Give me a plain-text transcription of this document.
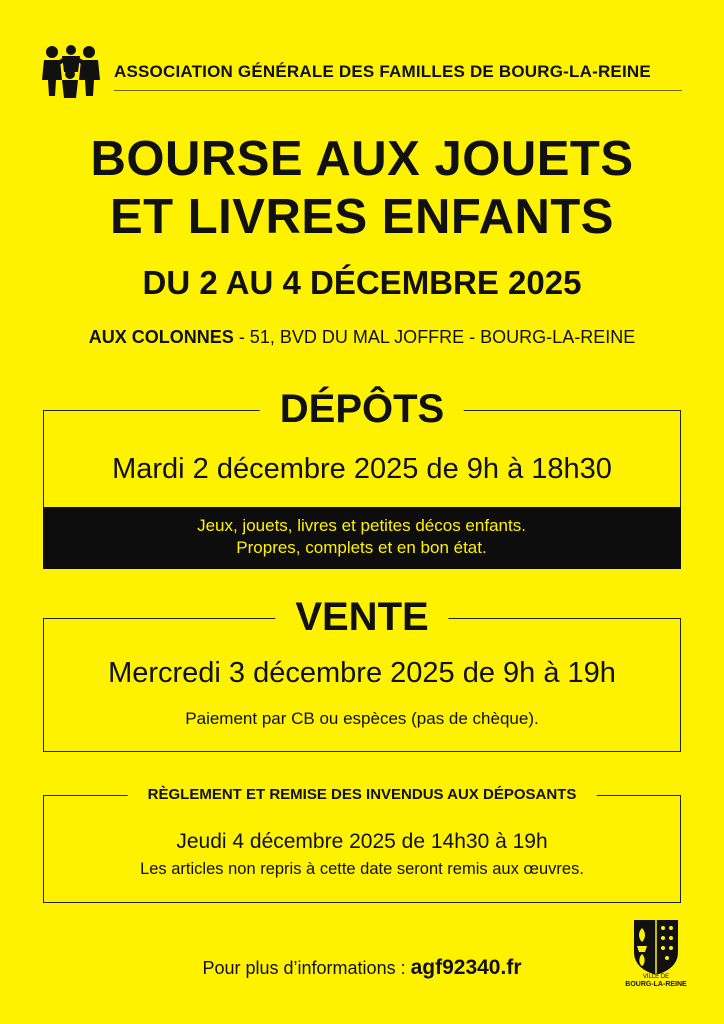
ASSOCIATION GÉNÉRALE DES FAMILLES DE BOURG-LA-REINE
BOURSE AUX JOUETS
ET LIVRES ENFANTS
DU 2 AU 4 DÉCEMBRE 2025
AUX COLONNES - 51, BVD DU MAL JOFFRE - BOURG-LA-REINE
DÉPÔTS
Mardi 2 décembre 2025 de 9h à 18h30
Jeux, jouets, livres et petites décos enfants.
Propres, complets et en bon état.
VENTE
Mercredi 3 décembre 2025 de 9h à 19h
Paiement par CB ou espèces (pas de chèque).
RÈGLEMENT ET REMISE DES INVENDUS AUX DÉPOSANTS
Jeudi 4 décembre 2025 de 14h30 à 19h
Les articles non repris à cette date seront remis aux œuvres.
Pour plus d’informations : agf92340.fr	VILLE DE
BOURG-LA-REINE
